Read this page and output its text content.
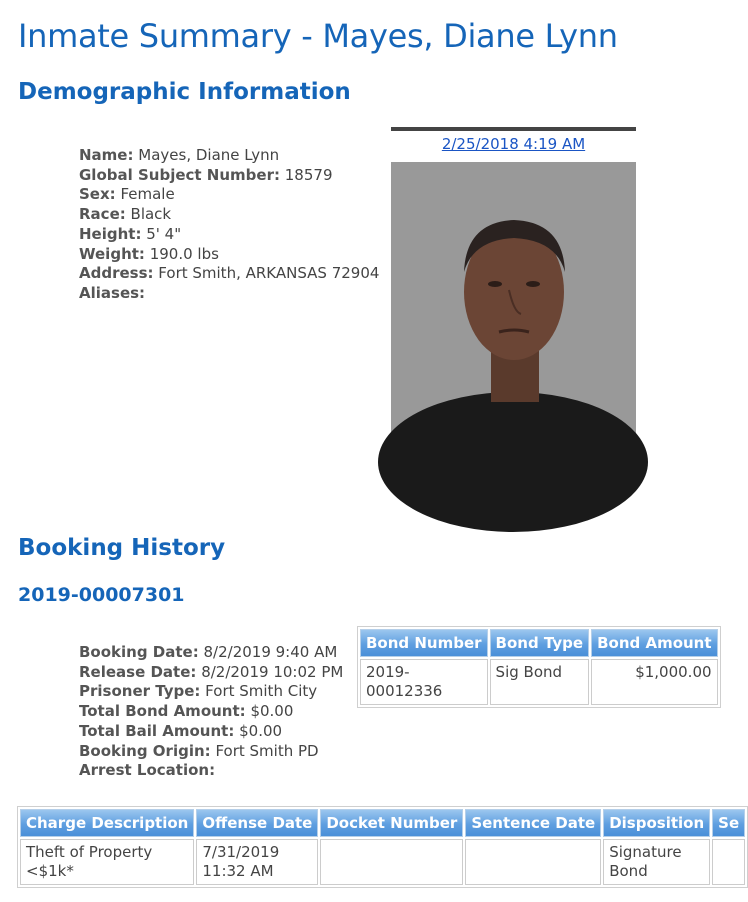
Inmate Summary - Mayes, Diane Lynn
Demographic Information
Name: Mayes, Diane Lynn
Global Subject Number: 18579
Sex: Female
Race: Black
Height: 5' 4"
Weight: 190.0 lbs
Address: Fort Smith, ARKANSAS 72904
Aliases:
2/25/2018 4:19 AM
Booking History
2019-00007301
Booking Date: 8/2/2019 9:40 AM
Release Date: 8/2/2019 10:02 PM
Prisoner Type: Fort Smith City
Total Bond Amount: $0.00
Total Bail Amount: $0.00
Booking Origin: Fort Smith PD
Arrest Location:
Bond Number	Bond Type	Bond Amount
2019-00012336	Sig Bond	$1,000.00
Charge Description	Offense Date	Docket Number	Sentence Date	Disposition	Se
Theft of Property <$1k*	7/31/2019 11:32 AM			Signature Bond	
